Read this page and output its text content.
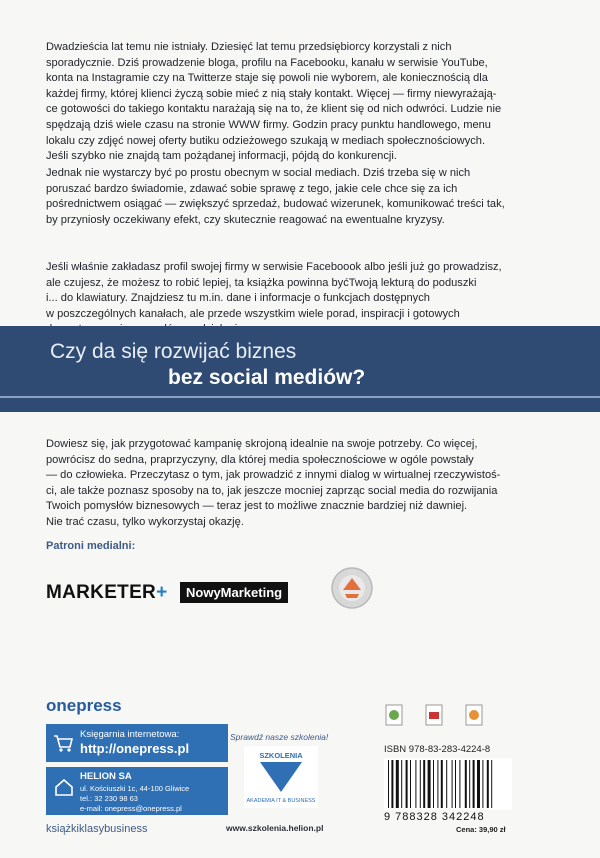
Dwadzieścia lat temu nie istniały. Dziesięć lat temu przedsiębiorcy korzystali z nich
sporadycznie. Dziś prowadzenie bloga, profilu na Facebooku, kanału w serwisie YouTube,
konta na Instagramie czy na Twitterze staje się powoli nie wyborem, ale koniecznością dla
każdej firmy, której klienci życzą sobie mieć z nią stały kontakt. Więcej — firmy niewyrażają-
ce gotowości do takiego kontaktu narażają się na to, że klient się od nich odwróci. Ludzie nie
spędzają dziś wiele czasu na stronie WWW firmy. Godzin pracy punktu handlowego, menu
lokalu czy zdjęć nowej oferty butiku odzieżowego szukają w mediach społecznościowych.
Jeśli szybko nie znajdą tam pożądanej informacji, pójdą do konkurencji.

Jednak nie wystarczy być po prostu obecnym w social mediach. Dziś trzeba się w nich
poruszać bardzo świadomie, zdawać sobie sprawę z tego, jakie cele chce się za ich
pośrednictwem osiągać — zwiększyć sprzedaż, budować wizerunek, komunikować treści tak,
by przyniosły oczekiwany efekt, czy skutecznie reagować na ewentualne kryzysy.

Jeśli właśnie zakładasz profil swojej firmy w serwisie Faceboook albo jeśli już go prowadzisz,
ale czujesz, że możesz to robić lepiej, ta książka powinna byćTwoją lekturą do poduszki
i... do klawiatury. Znajdziesz tu m.in. dane i informacje o funkcjach dostępnych
w poszczególnych kanałach, ale przede wszystkim wiele porad, inspiracji i gotowych

Czy da się rozwijać biznes
bez social mediów?

Dowiesz się, jak przygotować kampanię skrojoną idealnie na swoje potrzeby. Co więcej,
powrócisz do sedna, praprzyczyny, dla której media społecznościowe w ogóle powstały
— do człowieka. Przeczytasz o tym, jak prowadzić z innymi dialog w wirtualnej rzeczywistoś-
ci, ale także poznasz sposoby na to, jak jeszcze mocniej zaprząc social media do rozwijania
Twoich pomysłów biznesowych — teraz jest to możliwe znacznie bardziej niż dawniej.
Nie trać czasu, tylko wykorzystaj okazję.

Patroni medialni:
MARKETER+	NowyMarketing
onepress
Księgarnia internetowa:
http://onepress.pl
HELION SA
ul. Kościuszki 1c, 44-100 Gliwice
tel.: 32 230 98 63
e-mail: onepress@onepress.pl
książkiklasybusiness
Sprawdź nasze szkolenia!
SZKOLENIA
AKADEMIA IT & BUSINESS
www.szkolenia.helion.pl
ISBN 978-83-283-4224-8
9 788328 342248
Cena: 39,90 zł
